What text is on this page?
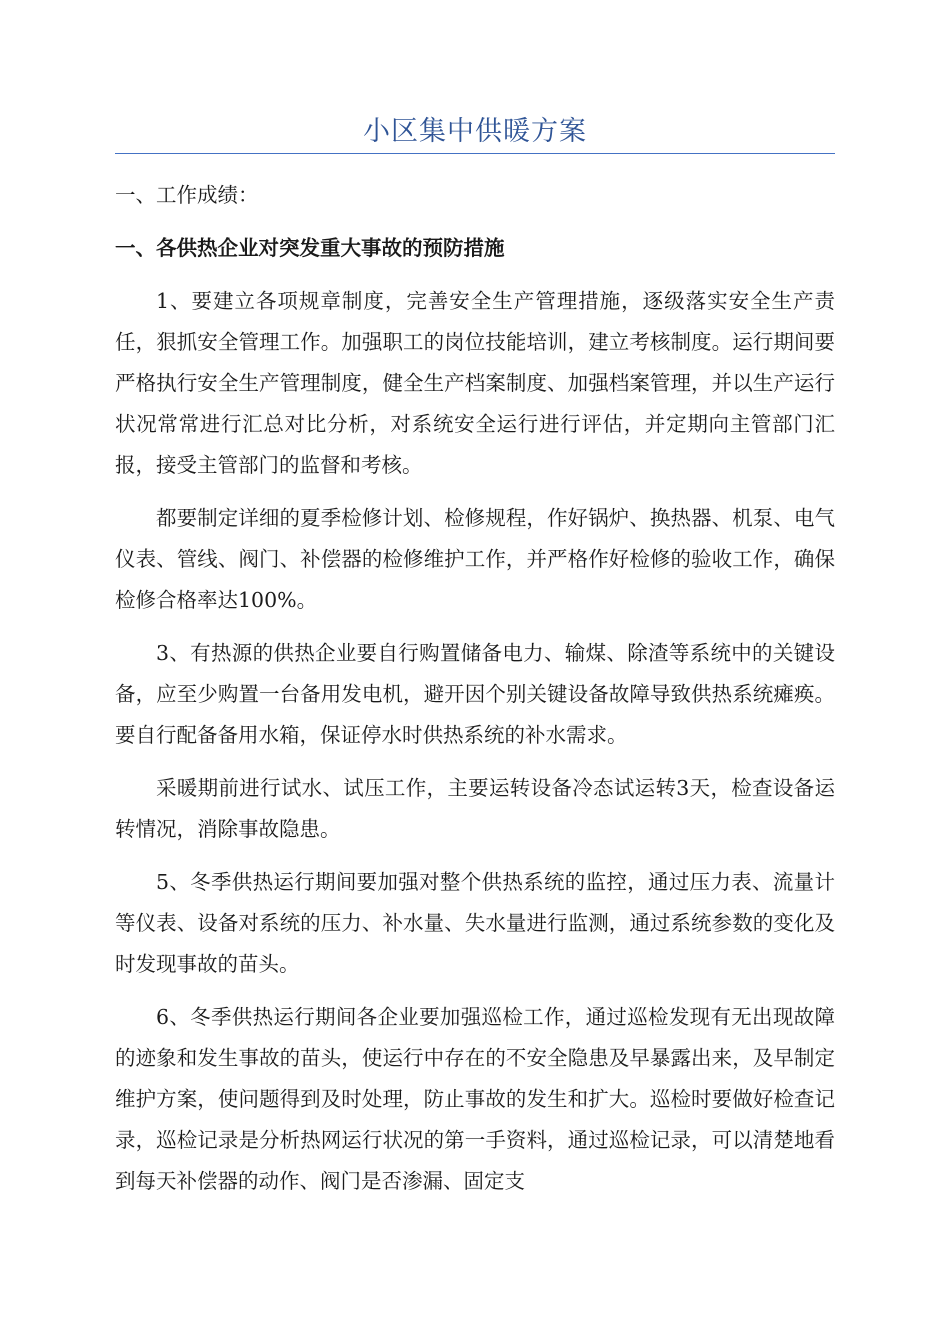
小区集中供暖方案

一、工作成绩：

一、各供热企业对突发重大事故的预防措施

1、要建立各项规章制度，完善安全生产管理措施，逐级落实安全生产责任，狠抓安全管理工作。加强职工的岗位技能培训，建立考核制度。运行期间要严格执行安全生产管理制度，健全生产档案制度、加强档案管理，并以生产运行状况常常进行汇总对比分析，对系统安全运行进行评估，并定期向主管部门汇报，接受主管部门的监督和考核。

都要制定详细的夏季检修计划、检修规程，作好锅炉、换热器、机泵、电气仪表、管线、阀门、补偿器的检修维护工作，并严格作好检修的验收工作，确保检修合格率达100%。

3、有热源的供热企业要自行购置储备电力、输煤、除渣等系统中的关键设备，应至少购置一台备用发电机，避开因个别关键设备故障导致供热系统瘫痪。要自行配备备用水箱，保证停水时供热系统的补水需求。

采暖期前进行试水、试压工作，主要运转设备冷态试运转3天，检查设备运转情况，消除事故隐患。

5、冬季供热运行期间要加强对整个供热系统的监控，通过压力表、流量计等仪表、设备对系统的压力、补水量、失水量进行监测，通过系统参数的变化及时发现事故的苗头。

6、冬季供热运行期间各企业要加强巡检工作，通过巡检发现有无出现故障的迹象和发生事故的苗头，使运行中存在的不安全隐患及早暴露出来，及早制定维护方案，使问题得到及时处理，防止事故的发生和扩大。巡检时要做好检查记录，巡检记录是分析热网运行状况的第一手资料，通过巡检记录，可以清楚地看到每天补偿器的动作、阀门是否渗漏、固定支
